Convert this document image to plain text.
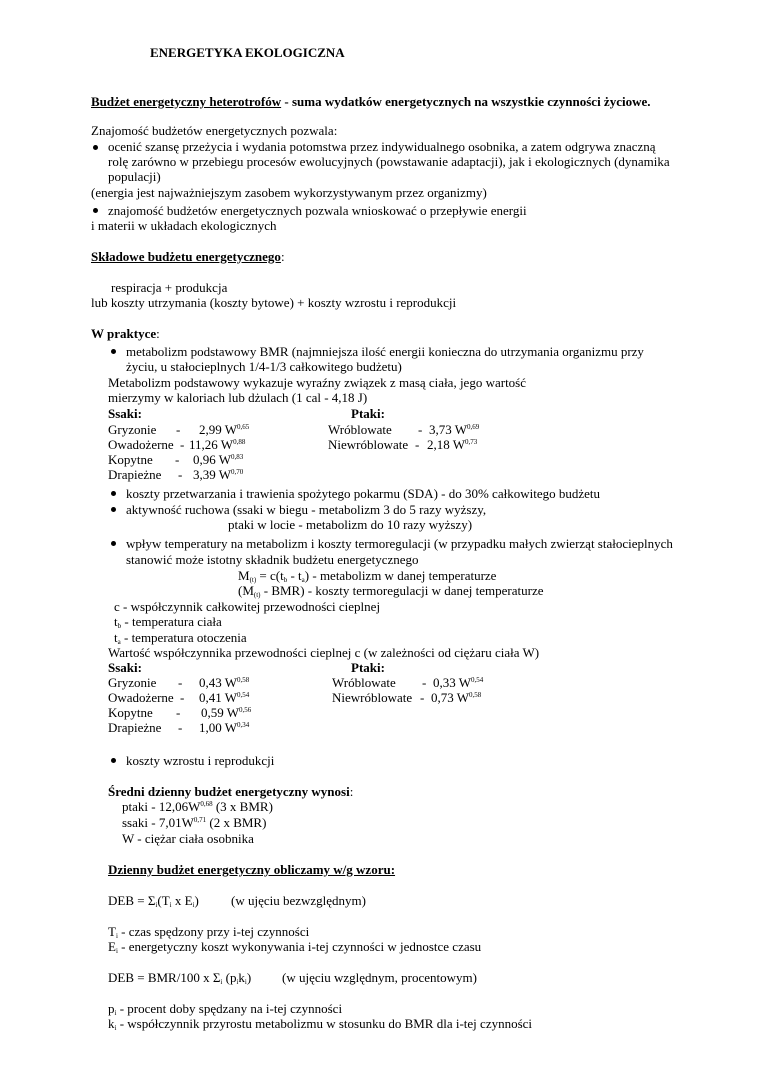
ENERGETYKA EKOLOGICZNA
Budżet energetyczny heterotrofów - suma wydatków energetycznych na wszystkie czynności życiowe.
Znajomość budżetów energetycznych pozwala:
ocenić szansę przeżycia i wydania potomstwa przez indywidualnego osobnika, a zatem odgrywa znaczną
rolę zarówno w przebiegu procesów ewolucyjnych (powstawanie adaptacji), jak i ekologicznych (dynamika
populacji)
(energia jest najważniejszym zasobem wykorzystywanym przez organizmy)
znajomość budżetów energetycznych pozwala wnioskować o przepływie energii
i materii w układach ekologicznych
Składowe budżetu energetycznego:
respiracja + produkcja
lub koszty utrzymania (koszty bytowe) + koszty wzrostu i reprodukcji
W praktyce:
metabolizm podstawowy BMR (najmniejsza ilość energii konieczna do utrzymania organizmu przy
życiu, u stałocieplnych 1/4-1/3 całkowitego budżetu)
Metabolizm podstawowy wykazuje wyraźny związek z masą ciała, jego wartość
mierzymy w kaloriach lub dżulach (1 cal - 4,18 J)
Ssaki:	Ptaki:
Gryzonie - 2,99 W$^{0,65}$
Owadożerne - 11,26 W$^{0,88}$
Kopytne - 0,96 W$^{0,83}$
Drapieżne - 3,39 W$^{0,70}$
Wróblowate - 3,73 W$^{0,69}$
Niewróblowate - 2,18 W$^{0,73}$
koszty przetwarzania i trawienia spożytego pokarmu (SDA) - do 30% całkowitego budżetu
aktywność ruchowa (ssaki w biegu - metabolizm 3 do 5 razy wyższy,
ptaki w locie - metabolizm do 10 razy wyższy)
wpływ temperatury na metabolizm i koszty termoregulacji (w przypadku małych zwierząt stałocieplnych
stanowić może istotny składnik budżetu energetycznego
$M_{(t)} = c(t_b - t_a)$ - metabolizm w danej temperaturze
$(M_{(t)} - BMR)$ - koszty termoregulacji w danej temperaturze
c - współczynnik całkowitej przewodności cieplnej
$t_b$ - temperatura ciała
$t_a$ - temperatura otoczenia
Wartość współczynnika przewodności cieplnej c (w zależności od ciężaru ciała W)
Ssaki:	Ptaki:
Gryzonie - 0,43 W$^{0,58}$
Owadożerne - 0,41 W$^{0,54}$
Kopytne - 0,59 W$^{0,56}$
Drapieżne - 1,00 W$^{0,34}$
Wróblowate - 0,33 W$^{0,54}$
Niewróblowate - 0,73 W$^{0,58}$
koszty wzrostu i reprodukcji
Średni dzienny budżet energetyczny wynosi:
ptaki - $12,06W^{0,68}$ (3 x BMR)
ssaki - $7,01W^{0,71}$ (2 x BMR)
W - ciężar ciała osobnika
Dzienny budżet energetyczny obliczamy w/g wzoru:
DEB = $\Sigma_i(T_i$ x $E_i$) (w ujęciu bezwzględnym)
$T_i$ - czas spędzony przy i-tej czynności
$E_i$ - energetyczny koszt wykonywania i-tej czynności w jednostce czasu
DEB = BMR/100 x $\Sigma_i$ $(p_ik_i)$ (w ujęciu względnym, procentowym)
$p_i$ - procent doby spędzany na i-tej czynności
$k_i$ - współczynnik przyrostu metabolizmu w stosunku do BMR dla i-tej czynności
